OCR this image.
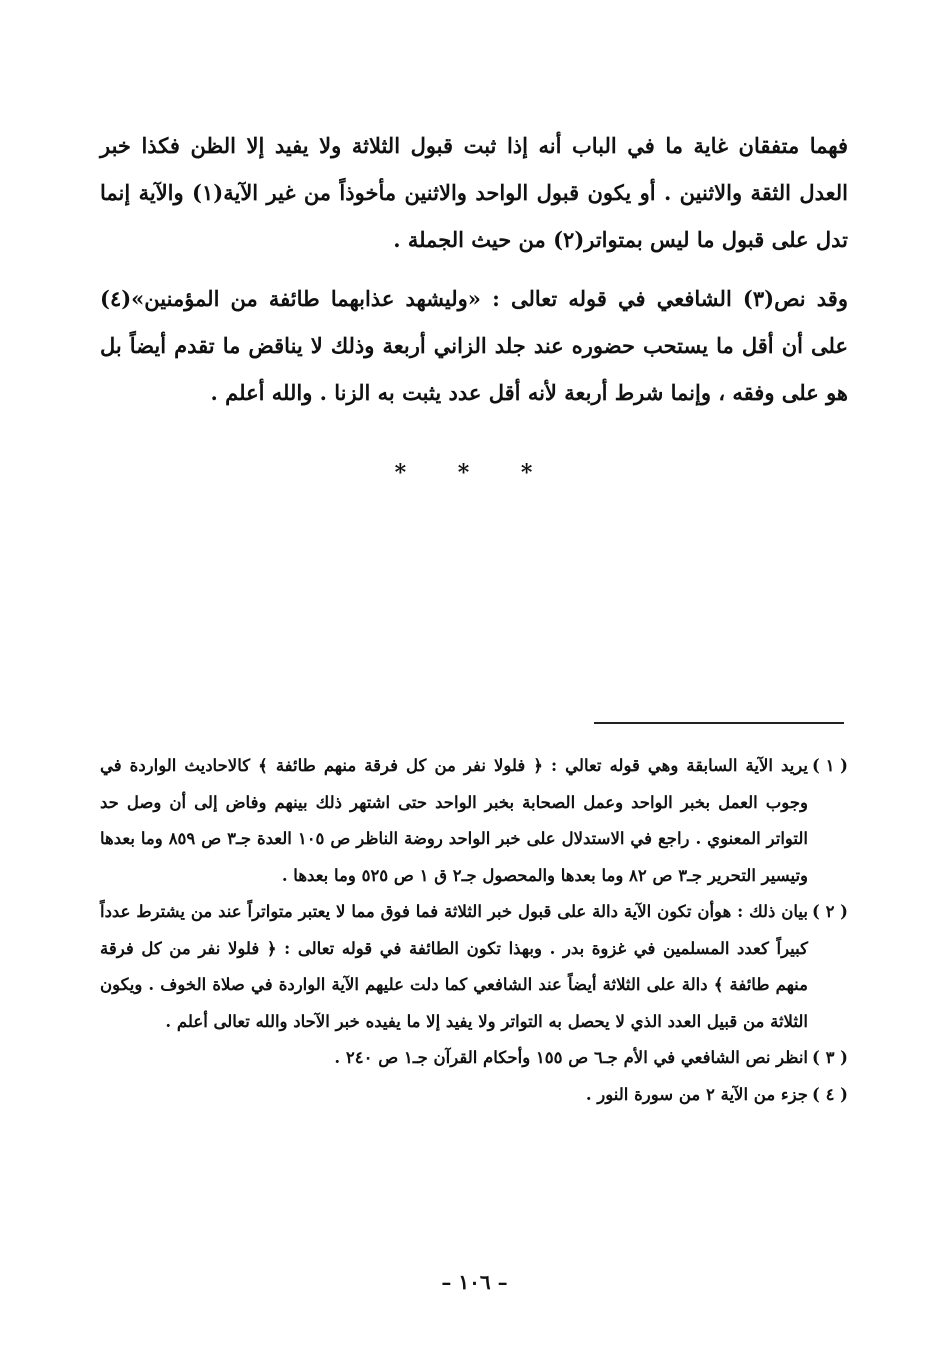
فهما متفقان غاية ما في الباب أنه إذا ثبت قبول الثلاثة ولا يفيد إلا الظن فكذا خبر العدل الثقة والاثنين . أو يكون قبول الواحد والاثنين مأخوذاً من غير الآية(١) والآية إنما تدل على قبول ما ليس بمتواتر(٢) من حيث الجملة .

وقد نص(٣) الشافعي في قوله تعالى : «وليشهد عذابهما طائفة من المؤمنين»(٤) على أن أقل ما يستحب حضوره عند جلد الزاني أربعة وذلك لا يناقض ما تقدم أيضاً بل هو على وفقه ، وإنما شرط أربعة لأنه أقل عدد يثبت به الزنا . والله أعلم .

* * *
( ١ )
يريد الآية السابقة وهي قوله تعالي : ﴿ فلولا نفر من كل فرقة منهم طائفة ﴾ كالاحاديث الواردة في وجوب العمل بخبر الواحد وعمل الصحابة بخبر الواحد حتى اشتهر ذلك بينهم وفاض إلى أن وصل حد التواتر المعنوي . راجع في الاستدلال على خبر الواحد روضة الناظر ص ١٠٥ العدة جـ٣ ص ٨٥٩ وما بعدها وتيسير التحرير جـ٣ ص ٨٢ وما بعدها والمحصول جـ٢ ق ١ ص ٥٢٥ وما بعدها .
( ٢ )
بيان ذلك : هوأن تكون الآية دالة على قبول خبر الثلاثة فما فوق مما لا يعتبر متواتراً عند من يشترط عدداً كبيراً كعدد المسلمين في غزوة بدر . وبهذا تكون الطائفة في قوله تعالى : ﴿ فلولا نفر من كل فرقة منهم طائفة ﴾ دالة على الثلاثة أيضاً عند الشافعي كما دلت عليهم الآية الواردة في صلاة الخوف . ويكون الثلاثة من قبيل العدد الذي لا يحصل به التواتر ولا يفيد إلا ما يفيده خبر الآحاد والله تعالى أعلم .
( ٣ )
انظر نص الشافعي في الأم جـ٦ ص ١٥٥ وأحكام القرآن جـ١ ص ٢٤٠ .
( ٤ )
جزء من الآية ٢ من سورة النور .
– ١٠٦ –
